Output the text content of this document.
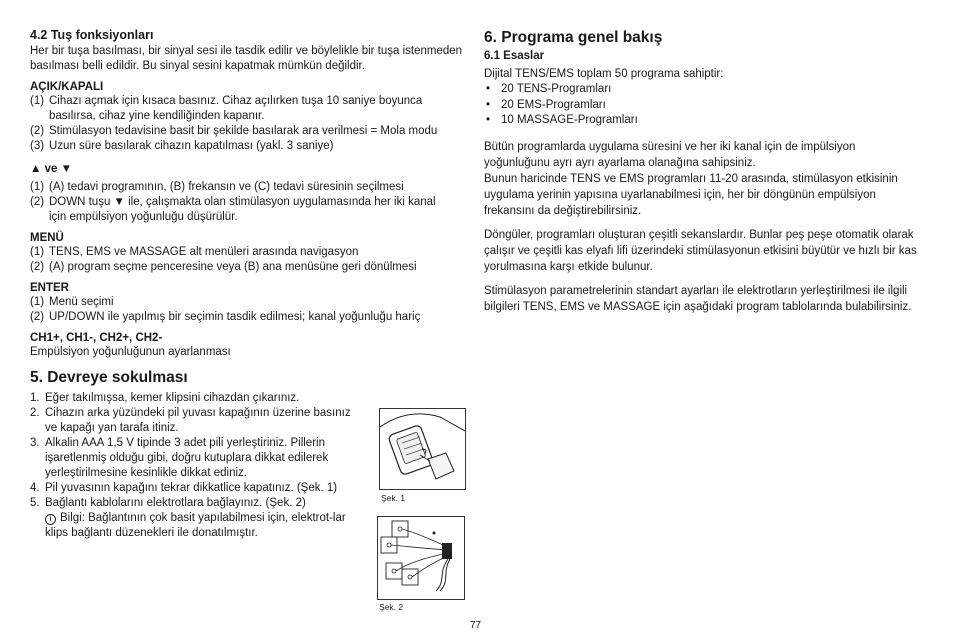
4.2 Tuş fonksiyonları
Her bir tuşa basılması, bir sinyal sesi ile tasdik edilir ve böylelikle bir tuşa istenmeden basılması belli edildir. Bu sinyal sesini kapatmak mümkün değildir.
AÇIK/KAPALI
(1) Cihazı açmak için kısaca basınız. Cihaz açılırken tuşa 10 saniye boyunca basılırsa, cihaz yine kendiliğinden kapanır.
(2) Stimülasyon tedavisine basit bir şekilde basılarak ara verilmesi = Mola modu
(3) Uzun süre basılarak cihazın kapatılması (yakl. 3 saniye)
▲ ve ▼
(1) (A) tedavi programının, (B) frekansın ve (C) tedavi süresinin seçilmesi
(2) DOWN tuşu ▼ ile, çalışmakta olan stimülasyon uygulamasında her iki kanal için empülsiyon yoğunluğu düşürülür.
MENÜ
(1) TENS, EMS ve MASSAGE alt menüleri arasında navigasyon
(2) (A) program seçme penceresine veya (B) ana menüsüne geri dönülmesi
ENTER
(1) Menü seçimi
(2) UP/DOWN ile yapılmış bir seçimin tasdik edilmesi; kanal yoğunluğu hariç
CH1+, CH1-, CH2+, CH2-
Empülsiyon yoğunluğunun ayarlanması
5. Devreye sokulması
1. Eğer takılmışsa, kemer klipsini cihazdan çıkarınız.
2. Cihazın arka yüzündeki pil yuvası kapağının üzerine basınız ve kapağı yan tarafa itiniz.
3. Alkalin AAA 1,5 V tipinde 3 adet pili yerleştiriniz. Pillerin işaretlenmiş olduğu gibi, doğru kutuplara dikkat edilerek yerleştirilmesine kesinlikle dikkat ediniz.
4. Pil yuvasının kapağını tekrar dikkatlice kapatınız. (Şek. 1)
5. Bağlantı kablolarını elektrotlara bağlayınız. (Şek. 2)
i Bilgi: Bağlantının çok basit yapılabilmesi için, elektrot-lar klips bağlantı düzenekleri ile donatılmıştır.
Şek. 1
Şek. 2
6. Programa genel bakış
6.1 Esaslar
Dijital TENS/EMS toplam 50 programa sahiptir:
• 20 TENS-Programları
• 20 EMS-Programları
• 10 MASSAGE-Programları
Bütün programlarda uygulama süresini ve her iki kanal için de impülsiyon yoğunluğunu ayrı ayrı ayarlama olanağına sahipsiniz.
Bunun haricinde TENS ve EMS programları 11-20 arasında, stimülasyon etkisinin uygulama yerinin yapısına uyarlanabilmesi için, her bir döngünün empülsiyon frekansını da değiştirebilirsiniz.
Döngüler, programları oluşturan çeşitli sekanslardır. Bunlar peş peşe otomatik olarak çalışır ve çeşitli kas elyafı lifi üzerindeki stimülasyonun etkisini büyütür ve hızlı bir kas yorulmasına karşı etkide bulunur.
Stimülasyon parametrelerinin standart ayarları ile elektrotların yerleştirilmesi ile ilgili bilgileri TENS, EMS ve MASSAGE için aşağıdaki program tablolarında bulabilirsiniz.
77
